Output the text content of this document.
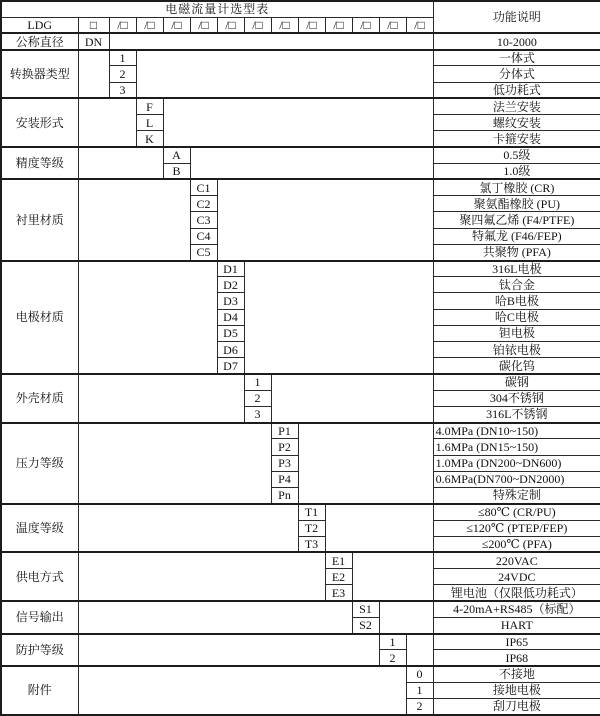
电磁流量计选型表														功能说明
LDG	□	/□	/□	/□	/□	/□	/□	/□	/□	/□	/□	/□	/□	
公称直径	DN													10-2000
转换器类型		1												一体式
		2												分体式
		3												低功耗式
安装形式			F											法兰安装
			L											螺纹安装
			K											卡箍安装
精度等级				A										0.5级
				B										1.0级
衬里材质					C1									氯丁橡胶 (CR)
					C2									聚氨酯橡胶 (PU)
					C3									聚四氟乙烯 (F4/PTFE)
					C4									特氟龙 (F46/FEP)
					C5									共聚物 (PFA)
电极材质						D1								316L电极
						D2								钛合金
						D3								哈B电极
						D4								哈C电极
						D5								钽电极
						D6								铂铱电极
						D7								碳化钨
外壳材质							1							碳钢
							2							304不锈钢
							3							316L不锈钢
压力等级								P1						4.0MPa (DN10~150)
								P2						1.6MPa (DN15~150)
								P3						1.0MPa (DN200~DN600)
								P4						0.6MPa(DN700~DN2000)
								Pn						特殊定制
温度等级									T1					≤80℃ (CR/PU)
									T2					≤120℃ (PTEP/FEP)
									T3					≤200℃ (PFA)
供电方式										E1				220VAC
										E2				24VDC
										E3				锂电池（仅限低功耗式）
信号输出											S1			4-20mA+RS485（标配）
											S2			HART
防护等级												1		IP65
												2		IP68
附件													0	不接地
													1	接地电极
													2	刮刀电极
